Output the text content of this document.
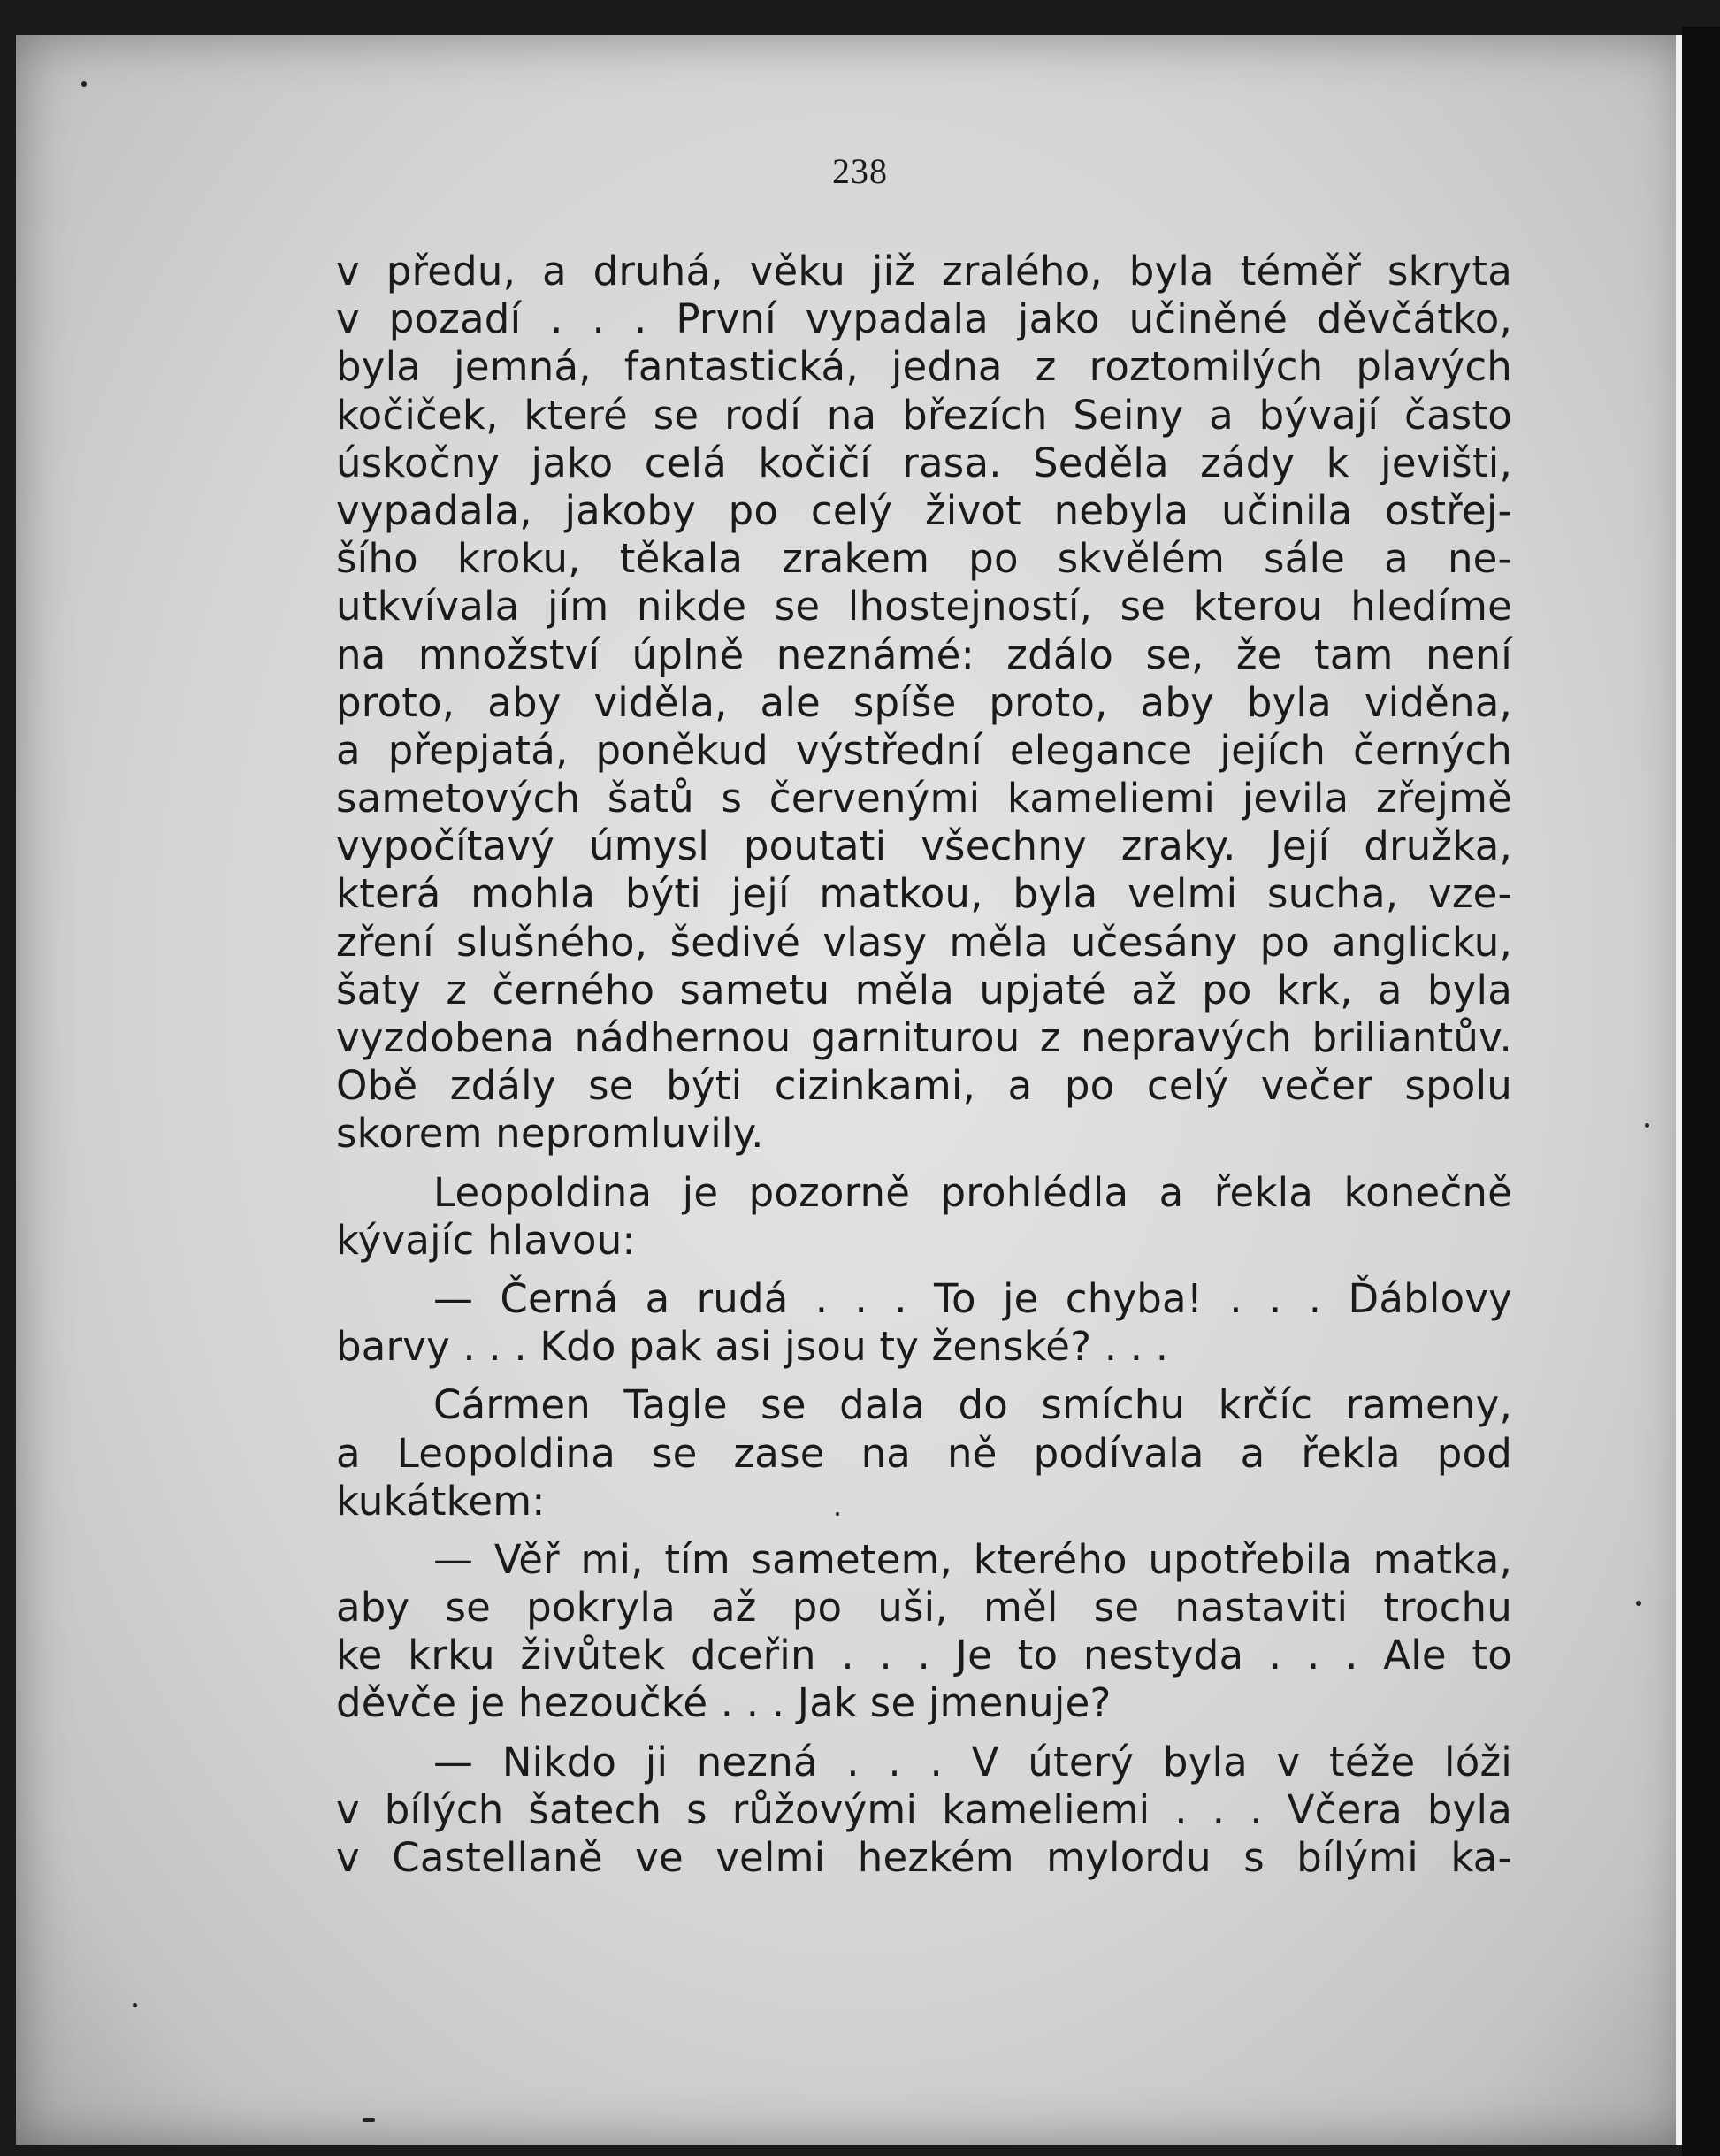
238
v předu, a druhá, věku již zralého, byla téměř skryta
v pozadí . . . První vypadala jako učiněné děvčátko,
byla jemná, fantastická, jedna z roztomilých plavých
kočiček, které se rodí na březích Seiny a bývají často
úskočny jako celá kočičí rasa. Seděla zády k jevišti,
vypadala, jakoby po celý život nebyla učinila ostřej-
šího kroku, těkala zrakem po skvělém sále a ne-
utkvívala jím nikde se lhostejností, se kterou hledíme
na množství úplně neznámé: zdálo se, že tam není
proto, aby viděla, ale spíše proto, aby byla viděna,
a přepjatá, poněkud výstřední elegance jejích černých
sametových šatů s červenými kameliemi jevila zřejmě
vypočítavý úmysl poutati všechny zraky. Její družka,
která mohla býti její matkou, byla velmi sucha, vze-
zření slušného, šedivé vlasy měla učesány po anglicku,
šaty z černého sametu měla upjaté až po krk, a byla
vyzdobena nádhernou garniturou z nepravých briliantův.
Obě zdály se býti cizinkami, a po celý večer spolu
skorem nepromluvily.
Leopoldina je pozorně prohlédla a řekla konečně
kývajíc hlavou:
— Černá a rudá . . . To je chyba! . . . Ďáblovy
barvy . . . Kdo pak asi jsou ty ženské? . . .
Cármen Tagle se dala do smíchu krčíc rameny,
a Leopoldina se zase na ně podívala a řekla pod
kukátkem:
— Věř mi, tím sametem, kterého upotřebila matka,
aby se pokryla až po uši, měl se nastaviti trochu
ke krku živůtek dceřin . . . Je to nestyda . . . Ale to
děvče je hezoučké . . . Jak se jmenuje?
— Nikdo ji nezná . . . V úterý byla v téže lóži
v bílých šatech s růžovými kameliemi . . . Včera byla
v Castellaně ve velmi hezkém mylordu s bílými ka-
